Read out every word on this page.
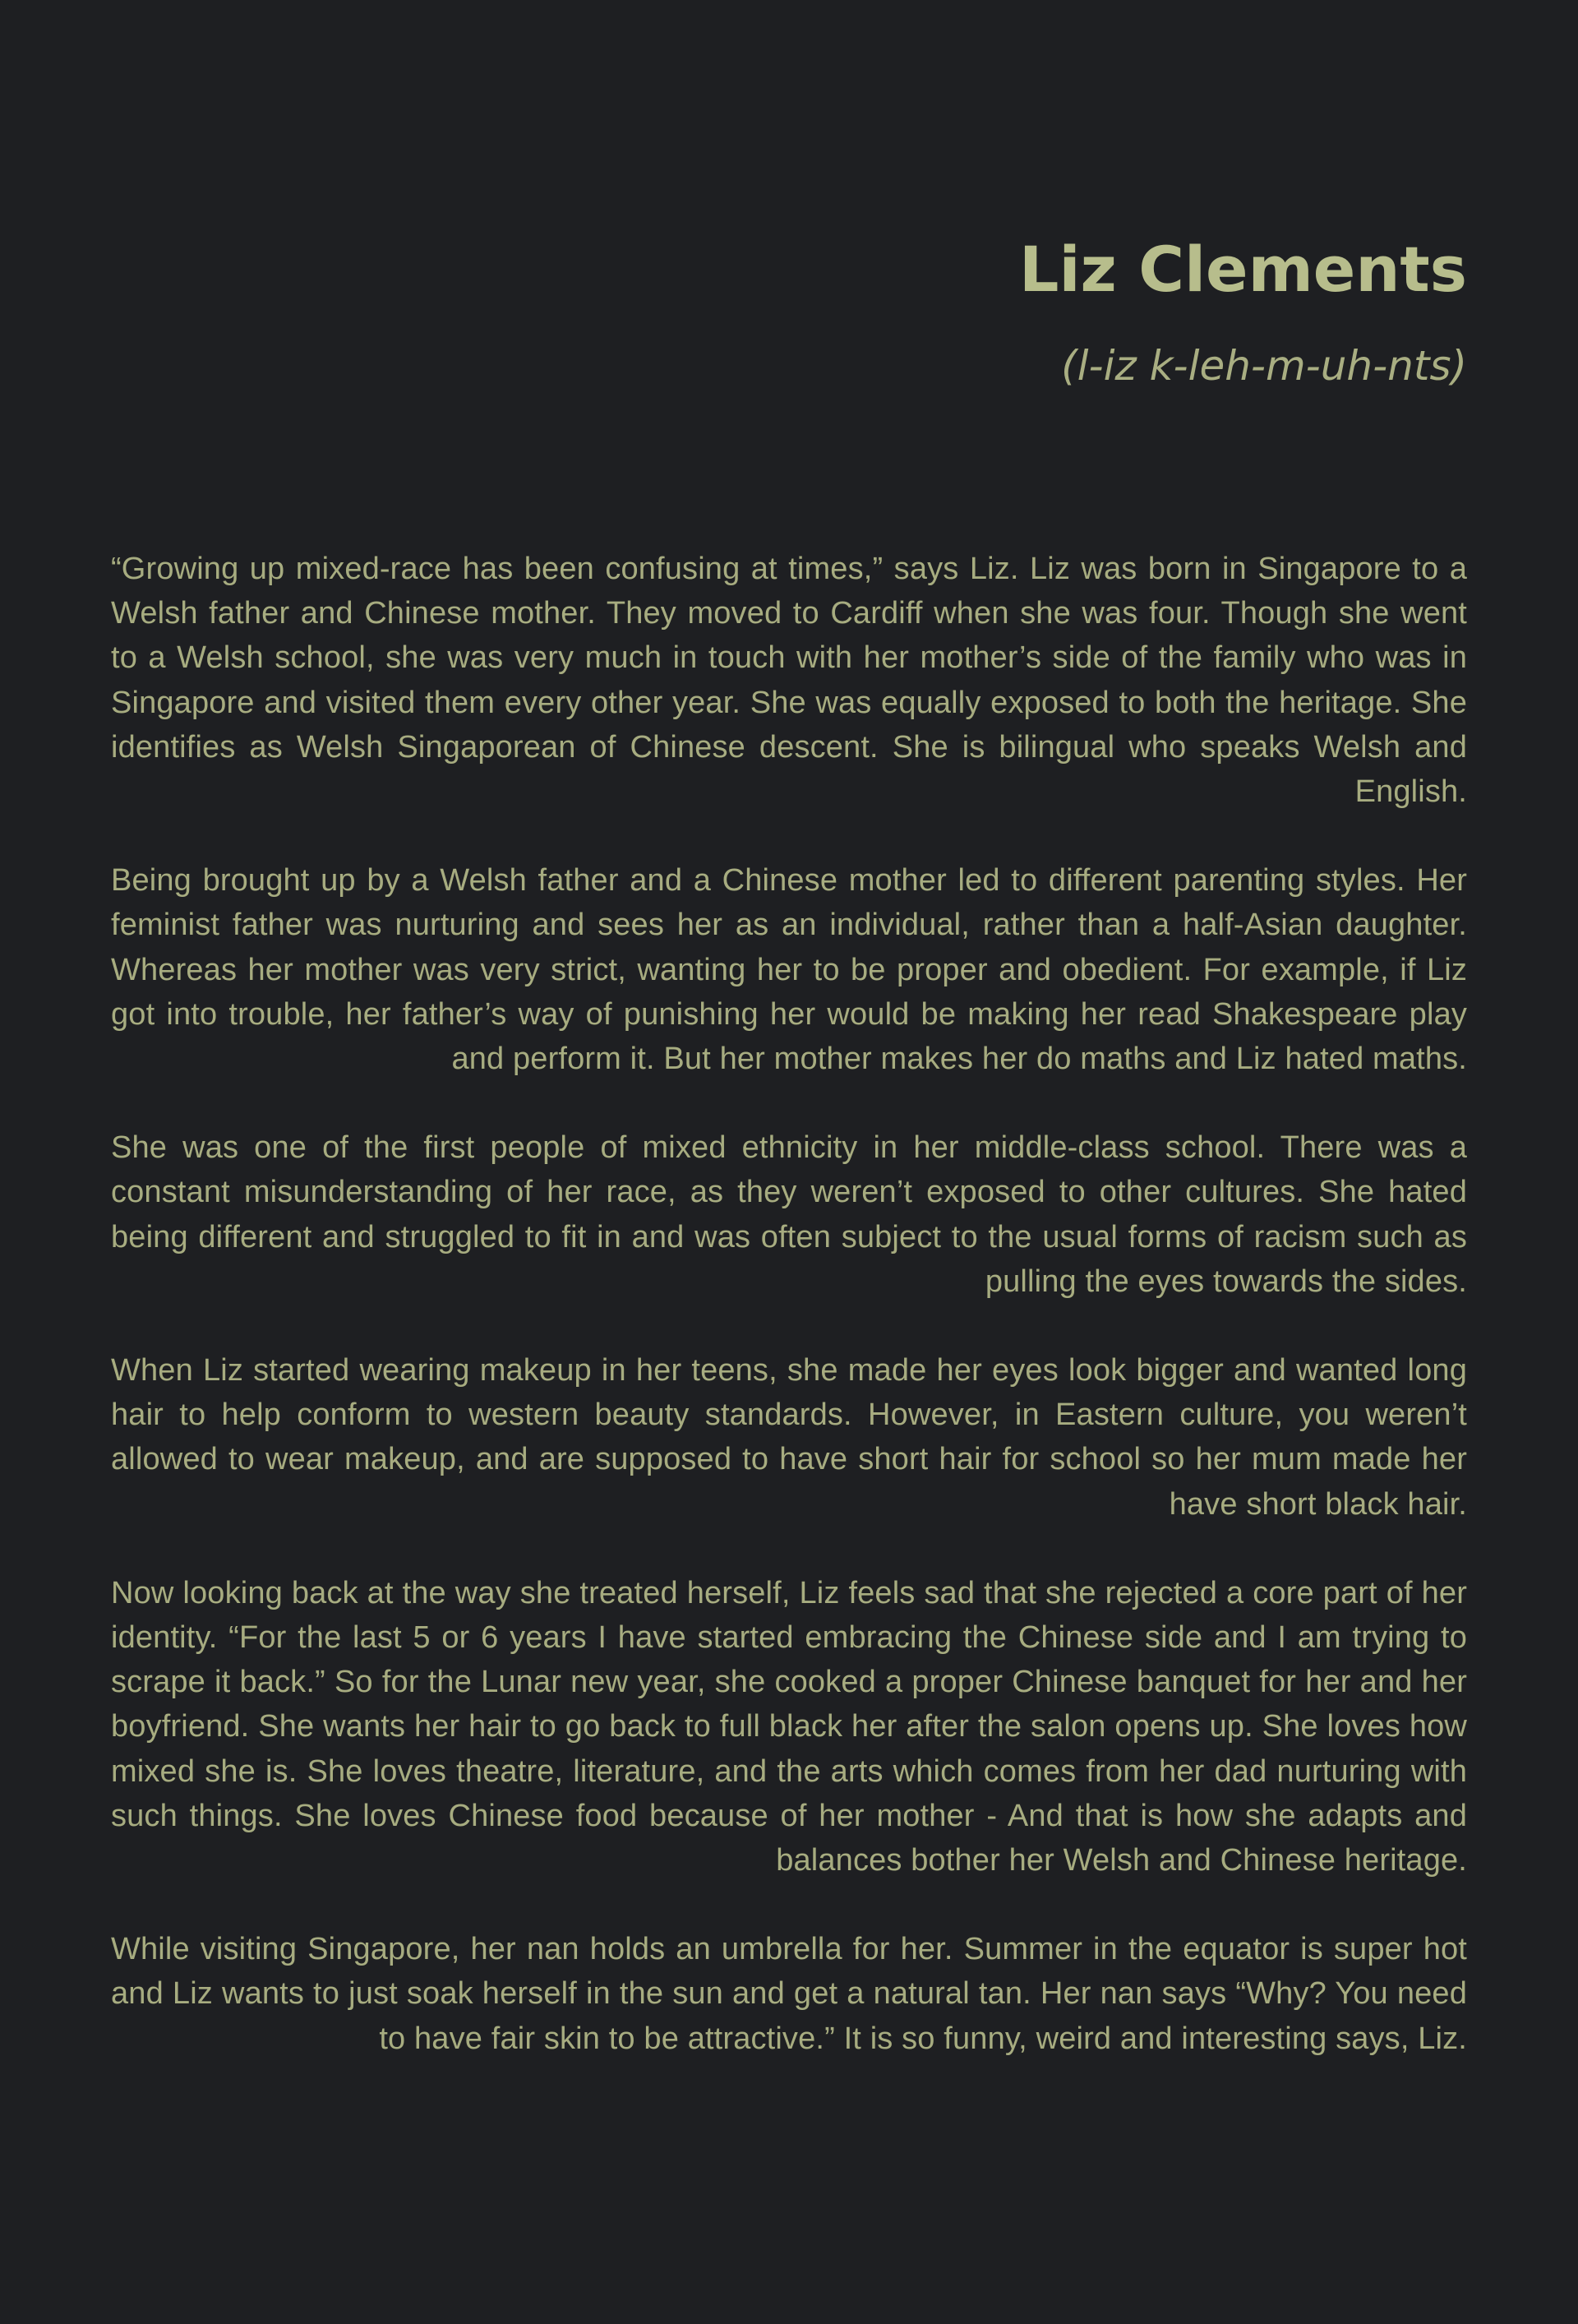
Liz Clements
(l-iz k-leh-m-uh-nts)

“Growing up mixed-race has been confusing at times,” says Liz. Liz was born in Singapore to a Welsh father and Chinese mother. They moved to Cardiff when she was four. Though she went to a Welsh school, she was very much in touch with her mother’s side of the family who was in Singapore and visited them every other year. She was equally exposed to both the heritage. She identifies as Welsh Singaporean of Chinese descent. She is bilingual who speaks Welsh and English.

Being brought up by a Welsh father and a Chinese mother led to different parenting styles. Her feminist father was nurturing and sees her as an individual, rather than a half-Asian daughter. Whereas her mother was very strict, wanting her to be proper and obedient. For example, if Liz got into trouble, her father’s way of punishing her would be making her read Shakespeare play and perform it. But her mother makes her do maths and Liz hated maths.

She was one of the first people of mixed ethnicity in her middle-class school. There was a constant misunderstanding of her race, as they weren’t exposed to other cultures. She hated being different and struggled to fit in and was often subject to the usual forms of racism such as pulling the eyes towards the sides.

When Liz started wearing makeup in her teens, she made her eyes look bigger and wanted long hair to help conform to western beauty standards. However, in Eastern culture, you weren’t allowed to wear makeup, and are supposed to have short hair for school so her mum made her have short black hair.

Now looking back at the way she treated herself, Liz feels sad that she rejected a core part of her identity. “For the last 5 or 6 years I have started embracing the Chinese side and I am trying to scrape it back.” So for the Lunar new year, she cooked a proper Chinese banquet for her and her boyfriend. She wants her hair to go back to full black her after the salon opens up. She loves how mixed she is. She loves theatre, literature, and the arts which comes from her dad nurturing with such things. She loves Chinese food because of her mother - And that is how she adapts and balances bother her Welsh and Chinese heritage.

While visiting Singapore, her nan holds an umbrella for her. Summer in the equator is super hot and Liz wants to just soak herself in the sun and get a natural tan. Her nan says “Why? You need to have fair skin to be attractive.” It is so funny, weird and interesting says, Liz.
